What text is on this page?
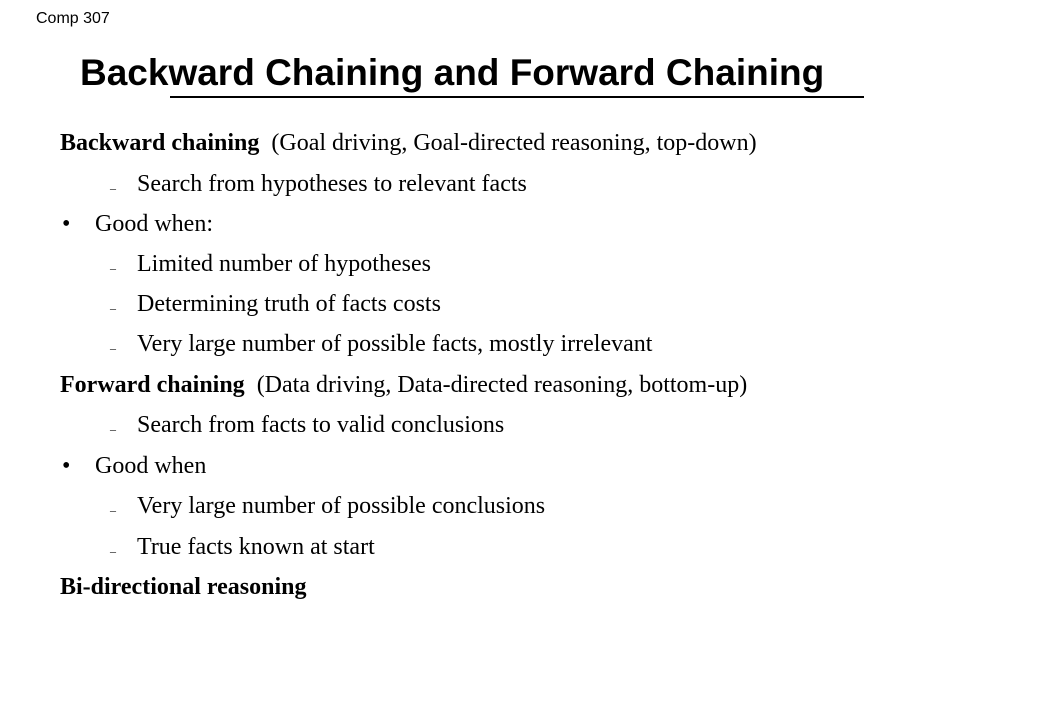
Comp 307
Backward Chaining and Forward Chaining
Backward chaining (Goal driving, Goal-directed reasoning, top-down)
– Search from hypotheses to relevant facts
• Good when:
– Limited number of hypotheses
– Determining truth of facts costs
– Very large number of possible facts, mostly irrelevant
Forward chaining (Data driving, Data-directed reasoning, bottom-up)
– Search from facts to valid conclusions
• Good when
– Very large number of possible conclusions
– True facts known at start
Bi-directional reasoning
